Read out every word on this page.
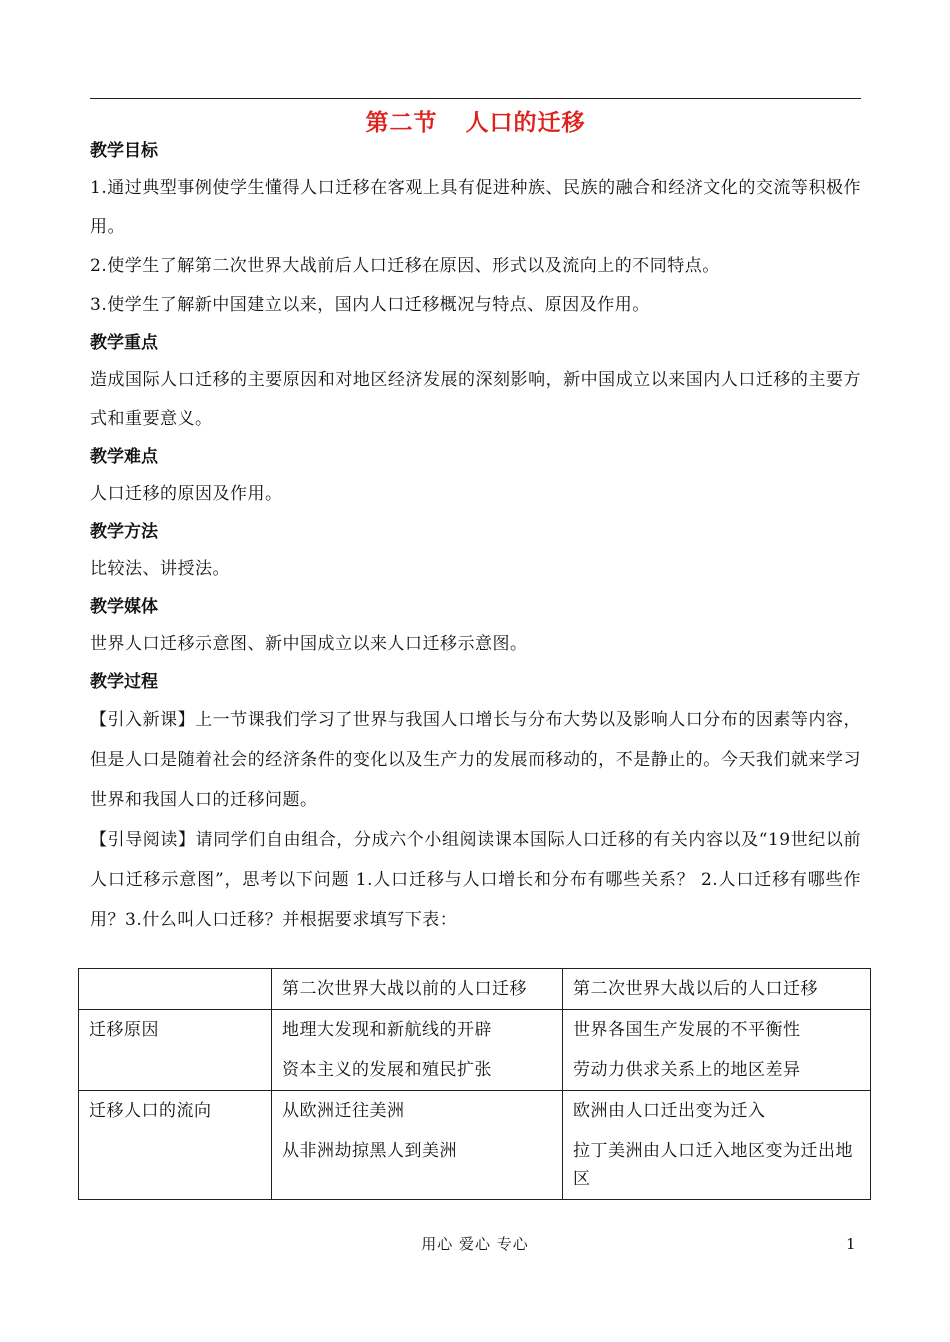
第二节 人口的迁移

教学目标

1.通过典型事例使学生懂得人口迁移在客观上具有促进种族、民族的融合和经济文化的交流等积极作用。

2.使学生了解第二次世界大战前后人口迁移在原因、形式以及流向上的不同特点。

3.使学生了解新中国建立以来，国内人口迁移概况与特点、原因及作用。

教学重点

造成国际人口迁移的主要原因和对地区经济发展的深刻影响，新中国成立以来国内人口迁移的主要方式和重要意义。

教学难点

人口迁移的原因及作用。

教学方法

比较法、讲授法。

教学媒体

世界人口迁移示意图、新中国成立以来人口迁移示意图。

教学过程

【引入新课】上一节课我们学习了世界与我国人口增长与分布大势以及影响人口分布的因素等内容，但是人口是随着社会的经济条件的变化以及生产力的发展而移动的，不是静止的。今天我们就来学习世界和我国人口的迁移问题。

【引导阅读】请同学们自由组合，分成六个小组阅读课本国际人口迁移的有关内容以及“19世纪以前人口迁移示意图”，思考以下问题 1.人口迁移与人口增长和分布有哪些关系？ 2.人口迁移有哪些作用？3.什么叫人口迁移？并根据要求填写下表：

	第二次世界大战以前的人口迁移	第二次世界大战以后的人口迁移
迁移原因	地理大发现和新航线的开辟	世界各国生产发展的不平衡性
	资本主义的发展和殖民扩张	劳动力供求关系上的地区差异
迁移人口的流向	从欧洲迁往美洲	欧洲由人口迁出变为迁入
	从非洲劫掠黑人到美洲	拉丁美洲由人口迁入地区变为迁出地区
用心 爱心 专心	1
